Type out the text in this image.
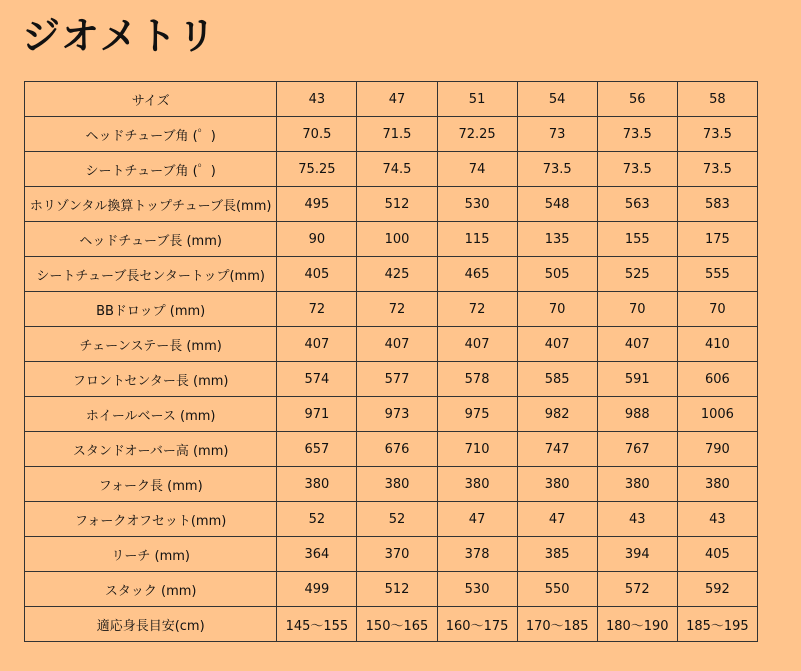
ジオメトリ
サイズ	43	47	51	54	56	58
ヘッドチューブ角 (゜)	70.5	71.5	72.25	73	73.5	73.5
シートチューブ角 (゜)	75.25	74.5	74	73.5	73.5	73.5
ホリゾンタル換算トップチューブ長(mm)	495	512	530	548	563	583
ヘッドチューブ長 (mm)	90	100	115	135	155	175
シートチューブ長センタートップ(mm)	405	425	465	505	525	555
BBドロップ (mm)	72	72	72	70	70	70
チェーンステー長 (mm)	407	407	407	407	407	410
フロントセンター長 (mm)	574	577	578	585	591	606
ホイールベース (mm)	971	973	975	982	988	1006
スタンドオーバー高 (mm)	657	676	710	747	767	790
フォーク長 (mm)	380	380	380	380	380	380
フォークオフセット(mm)	52	52	47	47	43	43
リーチ (mm)	364	370	378	385	394	405
スタック (mm)	499	512	530	550	572	592
適応身長目安(cm)	145〜155	150〜165	160〜175	170〜185	180〜190	185〜195
